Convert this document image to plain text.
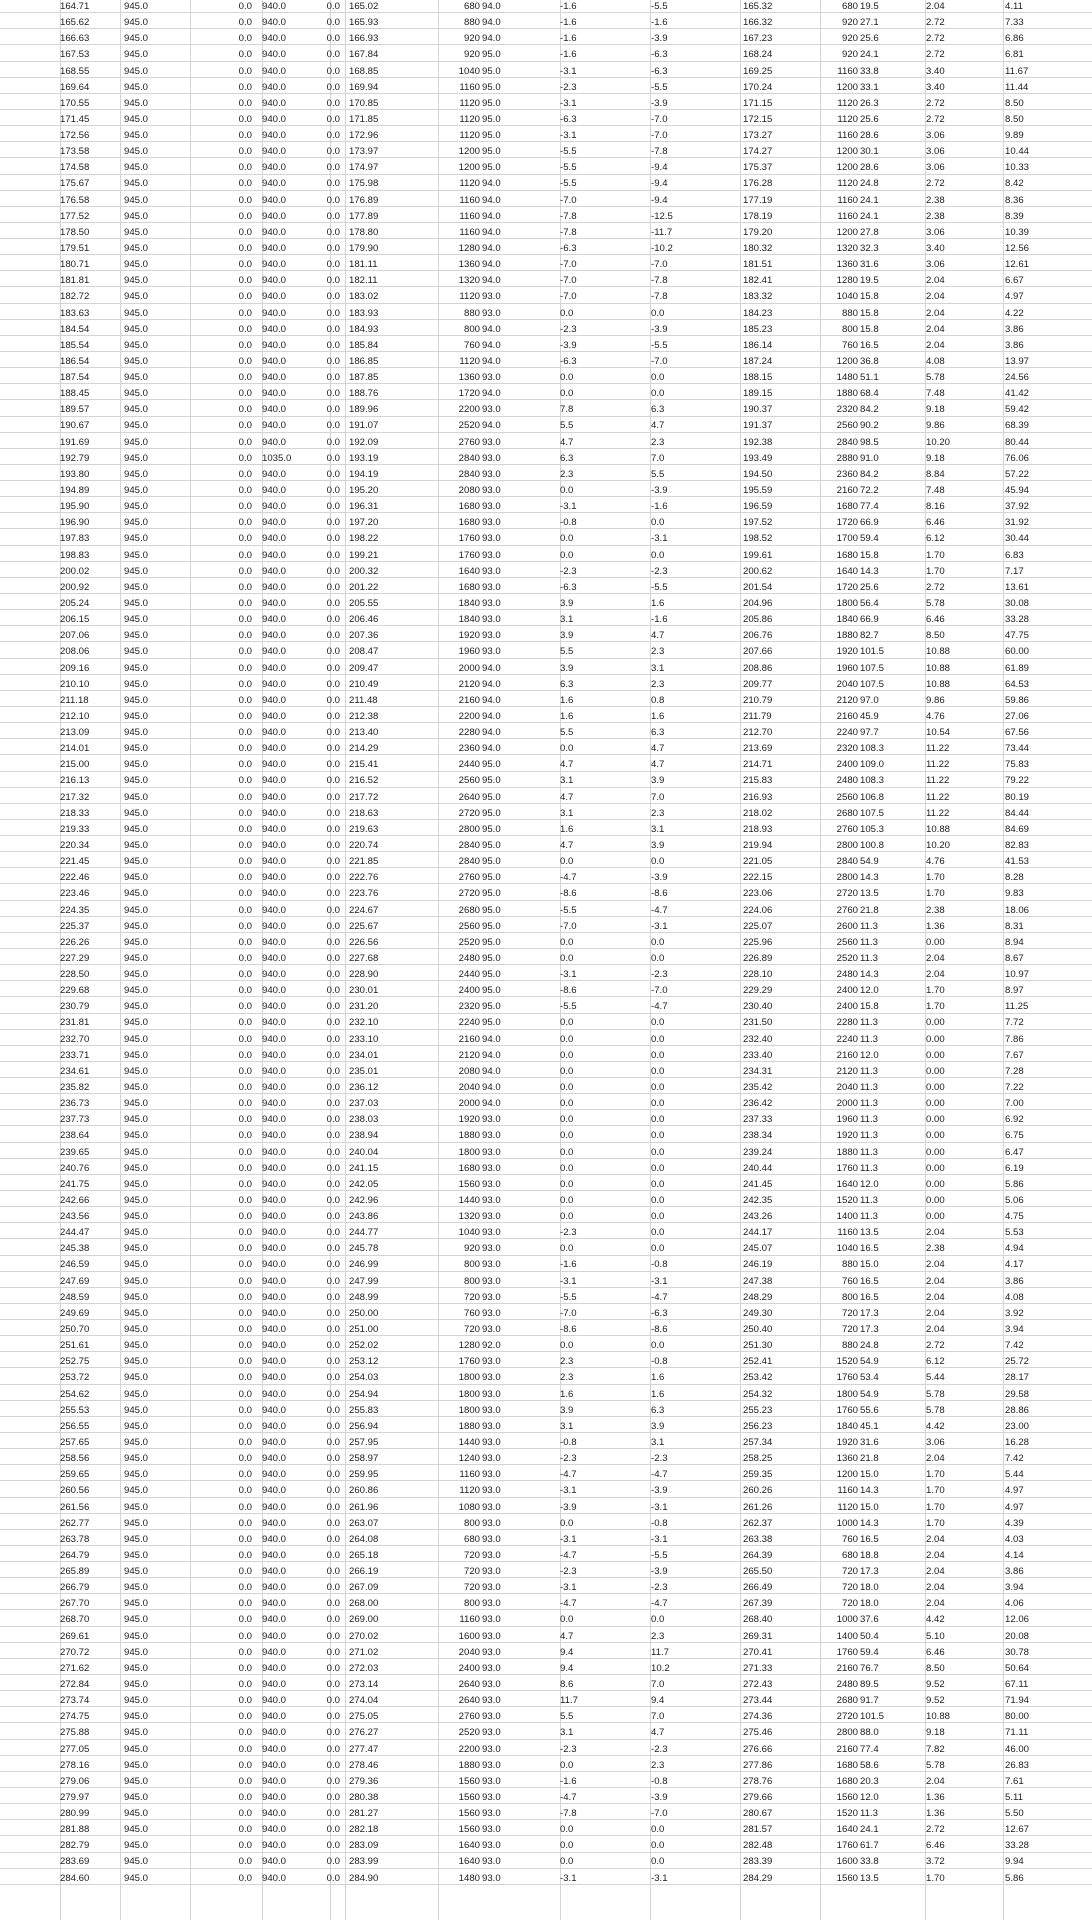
164.71	945.0	0.0 940.0	0.0 165.02	680 94.0	-1.6	-5.5	165.32	680 19.5	2.04	4.11
165.62	945.0	0.0 940.0	0.0 165.93	880 94.0	-1.6	-1.6	166.32	920 27.1	2.72	7.33
166.63	945.0	0.0 940.0	0.0 166.93	920 94.0	-1.6	-3.9	167.23	920 25.6	2.72	6.86
167.53	945.0	0.0 940.0	0.0 167.84	920 95.0	-1.6	-6.3	168.24	920 24.1	2.72	6.81
168.55	945.0	0.0 940.0	0.0 168.85	1040 95.0	-3.1	-6.3	169.25	1160 33.8	3.40	11.67
169.64	945.0	0.0 940.0	0.0 169.94	1160 95.0	-2.3	-5.5	170.24	1200 33.1	3.40	11.44
170.55	945.0	0.0 940.0	0.0 170.85	1120 95.0	-3.1	-3.9	171.15	1120 26.3	2.72	8.50
171.45	945.0	0.0 940.0	0.0 171.85	1120 95.0	-6.3	-7.0	172.15	1120 25.6	2.72	8.50
172.56	945.0	0.0 940.0	0.0 172.96	1120 95.0	-3.1	-7.0	173.27	1160 28.6	3.06	9.89
173.58	945.0	0.0 940.0	0.0 173.97	1200 95.0	-5.5	-7.8	174.27	1200 30.1	3.06	10.44
174.58	945.0	0.0 940.0	0.0 174.97	1200 95.0	-5.5	-9.4	175.37	1200 28.6	3.06	10.33
175.67	945.0	0.0 940.0	0.0 175.98	1120 94.0	-5.5	-9.4	176.28	1120 24.8	2.72	8.42
176.58	945.0	0.0 940.0	0.0 176.89	1160 94.0	-7.0	-9.4	177.19	1160 24.1	2.38	8.36
177.52	945.0	0.0 940.0	0.0 177.89	1160 94.0	-7.8	-12.5	178.19	1160 24.1	2.38	8.39
178.50	945.0	0.0 940.0	0.0 178.80	1160 94.0	-7.8	-11.7	179.20	1200 27.8	3.06	10.39
179.51	945.0	0.0 940.0	0.0 179.90	1280 94.0	-6.3	-10.2	180.32	1320 32.3	3.40	12.56
180.71	945.0	0.0 940.0	0.0 181.11	1360 94.0	-7.0	-7.0	181.51	1360 31.6	3.06	12.61
181.81	945.0	0.0 940.0	0.0 182.11	1320 94.0	-7.0	-7.8	182.41	1280 19.5	2.04	6.67
182.72	945.0	0.0 940.0	0.0 183.02	1120 93.0	-7.0	-7.8	183.32	1040 15.8	2.04	4.97
183.63	945.0	0.0 940.0	0.0 183.93	880 93.0	0.0	0.0	184.23	880 15.8	2.04	4.22
184.54	945.0	0.0 940.0	0.0 184.93	800 94.0	-2.3	-3.9	185.23	800 15.8	2.04	3.86
185.54	945.0	0.0 940.0	0.0 185.84	760 94.0	-3.9	-5.5	186.14	760 16.5	2.04	3.86
186.54	945.0	0.0 940.0	0.0 186.85	1120 94.0	-6.3	-7.0	187.24	1200 36.8	4.08	13.97
187.54	945.0	0.0 940.0	0.0 187.85	1360 93.0	0.0	0.0	188.15	1480 51.1	5.78	24.56
188.45	945.0	0.0 940.0	0.0 188.76	1720 94.0	0.0	0.0	189.15	1880 68.4	7.48	41.42
189.57	945.0	0.0 940.0	0.0 189.96	2200 93.0	7.8	6.3	190.37	2320 84.2	9.18	59.42
190.67	945.0	0.0 940.0	0.0 191.07	2520 94.0	5.5	4.7	191.37	2560 90.2	9.86	68.39
191.69	945.0	0.0 940.0	0.0 192.09	2760 93.0	4.7	2.3	192.38	2840 98.5	10.20	80.44
192.79	945.0	0.0 1035.0	0.0 193.19	2840 93.0	6.3	7.0	193.49	2880 91.0	9.18	76.06
193.80	945.0	0.0 940.0	0.0 194.19	2840 93.0	2.3	5.5	194.50	2360 84.2	8.84	57.22
194.89	945.0	0.0 940.0	0.0 195.20	2080 93.0	0.0	-3.9	195.59	2160 72.2	7.48	45.94
195.90	945.0	0.0 940.0	0.0 196.31	1680 93.0	-3.1	-1.6	196.59	1680 77.4	8.16	37.92
196.90	945.0	0.0 940.0	0.0 197.20	1680 93.0	-0.8	0.0	197.52	1720 66.9	6.46	31.92
197.83	945.0	0.0 940.0	0.0 198.22	1760 93.0	0.0	-3.1	198.52	1700 59.4	6.12	30.44
198.83	945.0	0.0 940.0	0.0 199.21	1760 93.0	0.0	0.0	199.61	1680 15.8	1.70	6.83
200.02	945.0	0.0 940.0	0.0 200.32	1640 93.0	-2.3	-2.3	200.62	1640 14.3	1.70	7.17
200.92	945.0	0.0 940.0	0.0 201.22	1680 93.0	-6.3	-5.5	201.54	1720 25.6	2.72	13.61
205.24	945.0	0.0 940.0	0.0 205.55	1840 93.0	3.9	1.6	204.96	1800 56.4	5.78	30.08
206.15	945.0	0.0 940.0	0.0 206.46	1840 93.0	3.1	-1.6	205.86	1840 66.9	6.46	33.28
207.06	945.0	0.0 940.0	0.0 207.36	1920 93.0	3.9	4.7	206.76	1880 82.7	8.50	47.75
208.06	945.0	0.0 940.0	0.0 208.47	1960 93.0	5.5	2.3	207.66	1920 101.5	10.88	60.00
209.16	945.0	0.0 940.0	0.0 209.47	2000 94.0	3.9	3.1	208.86	1960 107.5	10.88	61.89
210.10	945.0	0.0 940.0	0.0 210.49	2120 94.0	6.3	2.3	209.77	2040 107.5	10.88	64.53
211.18	945.0	0.0 940.0	0.0 211.48	2160 94.0	1.6	0.8	210.79	2120 97.0	9.86	59.86
212.10	945.0	0.0 940.0	0.0 212.38	2200 94.0	1.6	1.6	211.79	2160 45.9	4.76	27.06
213.09	945.0	0.0 940.0	0.0 213.40	2280 94.0	5.5	6.3	212.70	2240 97.7	10.54	67.56
214.01	945.0	0.0 940.0	0.0 214.29	2360 94.0	0.0	4.7	213.69	2320 108.3	11.22	73.44
215.00	945.0	0.0 940.0	0.0 215.41	2440 95.0	4.7	4.7	214.71	2400 109.0	11.22	75.83
216.13	945.0	0.0 940.0	0.0 216.52	2560 95.0	3.1	3.9	215.83	2480 108.3	11.22	79.22
217.32	945.0	0.0 940.0	0.0 217.72	2640 95.0	4.7	7.0	216.93	2560 106.8	11.22	80.19
218.33	945.0	0.0 940.0	0.0 218.63	2720 95.0	3.1	2.3	218.02	2680 107.5	11.22	84.44
219.33	945.0	0.0 940.0	0.0 219.63	2800 95.0	1.6	3.1	218.93	2760 105.3	10.88	84.69
220.34	945.0	0.0 940.0	0.0 220.74	2840 95.0	4.7	3.9	219.94	2800 100.8	10.20	82.83
221.45	945.0	0.0 940.0	0.0 221.85	2840 95.0	0.0	0.0	221.05	2840 54.9	4.76	41.53
222.46	945.0	0.0 940.0	0.0 222.76	2760 95.0	-4.7	-3.9	222.15	2800 14.3	1.70	8.28
223.46	945.0	0.0 940.0	0.0 223.76	2720 95.0	-8.6	-8.6	223.06	2720 13.5	1.70	9.83
224.35	945.0	0.0 940.0	0.0 224.67	2680 95.0	-5.5	-4.7	224.06	2760 21.8	2.38	18.06
225.37	945.0	0.0 940.0	0.0 225.67	2560 95.0	-7.0	-3.1	225.07	2600 11.3	1.36	8.31
226.26	945.0	0.0 940.0	0.0 226.56	2520 95.0	0.0	0.0	225.96	2560 11.3	0.00	8.94
227.29	945.0	0.0 940.0	0.0 227.68	2480 95.0	0.0	0.0	226.89	2520 11.3	2.04	8.67
228.50	945.0	0.0 940.0	0.0 228.90	2440 95.0	-3.1	-2.3	228.10	2480 14.3	2.04	10.97
229.68	945.0	0.0 940.0	0.0 230.01	2400 95.0	-8.6	-7.0	229.29	2400 12.0	1.70	8.97
230.79	945.0	0.0 940.0	0.0 231.20	2320 95.0	-5.5	-4.7	230.40	2400 15.8	1.70	11.25
231.81	945.0	0.0 940.0	0.0 232.10	2240 95.0	0.0	0.0	231.50	2280 11.3	0.00	7.72
232.70	945.0	0.0 940.0	0.0 233.10	2160 94.0	0.0	0.0	232.40	2240 11.3	0.00	7.86
233.71	945.0	0.0 940.0	0.0 234.01	2120 94.0	0.0	0.0	233.40	2160 12.0	0.00	7.67
234.61	945.0	0.0 940.0	0.0 235.01	2080 94.0	0.0	0.0	234.31	2120 11.3	0.00	7.28
235.82	945.0	0.0 940.0	0.0 236.12	2040 94.0	0.0	0.0	235.42	2040 11.3	0.00	7.22
236.73	945.0	0.0 940.0	0.0 237.03	2000 94.0	0.0	0.0	236.42	2000 11.3	0.00	7.00
237.73	945.0	0.0 940.0	0.0 238.03	1920 93.0	0.0	0.0	237.33	1960 11.3	0.00	6.92
238.64	945.0	0.0 940.0	0.0 238.94	1880 93.0	0.0	0.0	238.34	1920 11.3	0.00	6.75
239.65	945.0	0.0 940.0	0.0 240.04	1800 93.0	0.0	0.0	239.24	1880 11.3	0.00	6.47
240.76	945.0	0.0 940.0	0.0 241.15	1680 93.0	0.0	0.0	240.44	1760 11.3	0.00	6.19
241.75	945.0	0.0 940.0	0.0 242.05	1560 93.0	0.0	0.0	241.45	1640 12.0	0.00	5.86
242.66	945.0	0.0 940.0	0.0 242.96	1440 93.0	0.0	0.0	242.35	1520 11.3	0.00	5.06
243.56	945.0	0.0 940.0	0.0 243.86	1320 93.0	0.0	0.0	243.26	1400 11.3	0.00	4.75
244.47	945.0	0.0 940.0	0.0 244.77	1040 93.0	-2.3	0.0	244.17	1160 13.5	2.04	5.53
245.38	945.0	0.0 940.0	0.0 245.78	920 93.0	0.0	0.0	245.07	1040 16.5	2.38	4.94
246.59	945.0	0.0 940.0	0.0 246.99	800 93.0	-1.6	-0.8	246.19	880 15.0	2.04	4.17
247.69	945.0	0.0 940.0	0.0 247.99	800 93.0	-3.1	-3.1	247.38	760 16.5	2.04	3.86
248.59	945.0	0.0 940.0	0.0 248.99	720 93.0	-5.5	-4.7	248.29	800 16.5	2.04	4.08
249.69	945.0	0.0 940.0	0.0 250.00	760 93.0	-7.0	-6.3	249.30	720 17.3	2.04	3.92
250.70	945.0	0.0 940.0	0.0 251.00	720 93.0	-8.6	-8.6	250.40	720 17.3	2.04	3.94
251.61	945.0	0.0 940.0	0.0 252.02	1280 92.0	0.0	0.0	251.30	880 24.8	2.72	7.42
252.75	945.0	0.0 940.0	0.0 253.12	1760 93.0	2.3	-0.8	252.41	1520 54.9	6.12	25.72
253.72	945.0	0.0 940.0	0.0 254.03	1800 93.0	2.3	1.6	253.42	1760 53.4	5.44	28.17
254.62	945.0	0.0 940.0	0.0 254.94	1800 93.0	1.6	1.6	254.32	1800 54.9	5.78	29.58
255.53	945.0	0.0 940.0	0.0 255.83	1800 93.0	3.9	6.3	255.23	1760 55.6	5.78	28.86
256.55	945.0	0.0 940.0	0.0 256.94	1880 93.0	3.1	3.9	256.23	1840 45.1	4.42	23.00
257.65	945.0	0.0 940.0	0.0 257.95	1440 93.0	-0.8	3.1	257.34	1920 31.6	3.06	16.28
258.56	945.0	0.0 940.0	0.0 258.97	1240 93.0	-2.3	-2.3	258.25	1360 21.8	2.04	7.42
259.65	945.0	0.0 940.0	0.0 259.95	1160 93.0	-4.7	-4.7	259.35	1200 15.0	1.70	5.44
260.56	945.0	0.0 940.0	0.0 260.86	1120 93.0	-3.1	-3.9	260.26	1160 14.3	1.70	4.97
261.56	945.0	0.0 940.0	0.0 261.96	1080 93.0	-3.9	-3.1	261.26	1120 15.0	1.70	4.97
262.77	945.0	0.0 940.0	0.0 263.07	800 93.0	0.0	-0.8	262.37	1000 14.3	1.70	4.39
263.78	945.0	0.0 940.0	0.0 264.08	680 93.0	-3.1	-3.1	263.38	760 16.5	2.04	4.03
264.79	945.0	0.0 940.0	0.0 265.18	720 93.0	-4.7	-5.5	264.39	680 18.8	2.04	4.14
265.89	945.0	0.0 940.0	0.0 266.19	720 93.0	-2.3	-3.9	265.50	720 17.3	2.04	3.86
266.79	945.0	0.0 940.0	0.0 267.09	720 93.0	-3.1	-2.3	266.49	720 18.0	2.04	3.94
267.70	945.0	0.0 940.0	0.0 268.00	800 93.0	-4.7	-4.7	267.39	720 18.0	2.04	4.06
268.70	945.0	0.0 940.0	0.0 269.00	1160 93.0	0.0	0.0	268.40	1000 37.6	4.42	12.06
269.61	945.0	0.0 940.0	0.0 270.02	1600 93.0	4.7	2.3	269.31	1400 50.4	5.10	20.08
270.72	945.0	0.0 940.0	0.0 271.02	2040 93.0	9.4	11.7	270.41	1760 59.4	6.46	30.78
271.62	945.0	0.0 940.0	0.0 272.03	2400 93.0	9.4	10.2	271.33	2160 76.7	8.50	50.64
272.84	945.0	0.0 940.0	0.0 273.14	2640 93.0	8.6	7.0	272.43	2480 89.5	9.52	67.11
273.74	945.0	0.0 940.0	0.0 274.04	2640 93.0	11.7	9.4	273.44	2680 91.7	9.52	71.94
274.75	945.0	0.0 940.0	0.0 275.05	2760 93.0	5.5	7.0	274.36	2720 101.5	10.88	80.00
275.88	945.0	0.0 940.0	0.0 276.27	2520 93.0	3.1	4.7	275.46	2800 88.0	9.18	71.11
277.05	945.0	0.0 940.0	0.0 277.47	2200 93.0	-2.3	-2.3	276.66	2160 77.4	7.82	46.00
278.16	945.0	0.0 940.0	0.0 278.46	1880 93.0	0.0	2.3	277.86	1680 58.6	5.78	26.83
279.06	945.0	0.0 940.0	0.0 279.36	1560 93.0	-1.6	-0.8	278.76	1680 20.3	2.04	7.61
279.97	945.0	0.0 940.0	0.0 280.38	1560 93.0	-4.7	-3.9	279.66	1560 12.0	1.36	5.11
280.99	945.0	0.0 940.0	0.0 281.27	1560 93.0	-7.8	-7.0	280.67	1520 11.3	1.36	5.50
281.88	945.0	0.0 940.0	0.0 282.18	1560 93.0	0.0	0.0	281.57	1640 24.1	2.72	12.67
282.79	945.0	0.0 940.0	0.0 283.09	1640 93.0	0.0	0.0	282.48	1760 61.7	6.46	33.28
283.69	945.0	0.0 940.0	0.0 283.99	1640 93.0	0.0	0.0	283.39	1600 33.8	3.72	9.94
284.60	945.0	0.0 940.0	0.0 284.90	1480 93.0	-3.1	-3.1	284.29	1560 13.5	1.70	5.86
